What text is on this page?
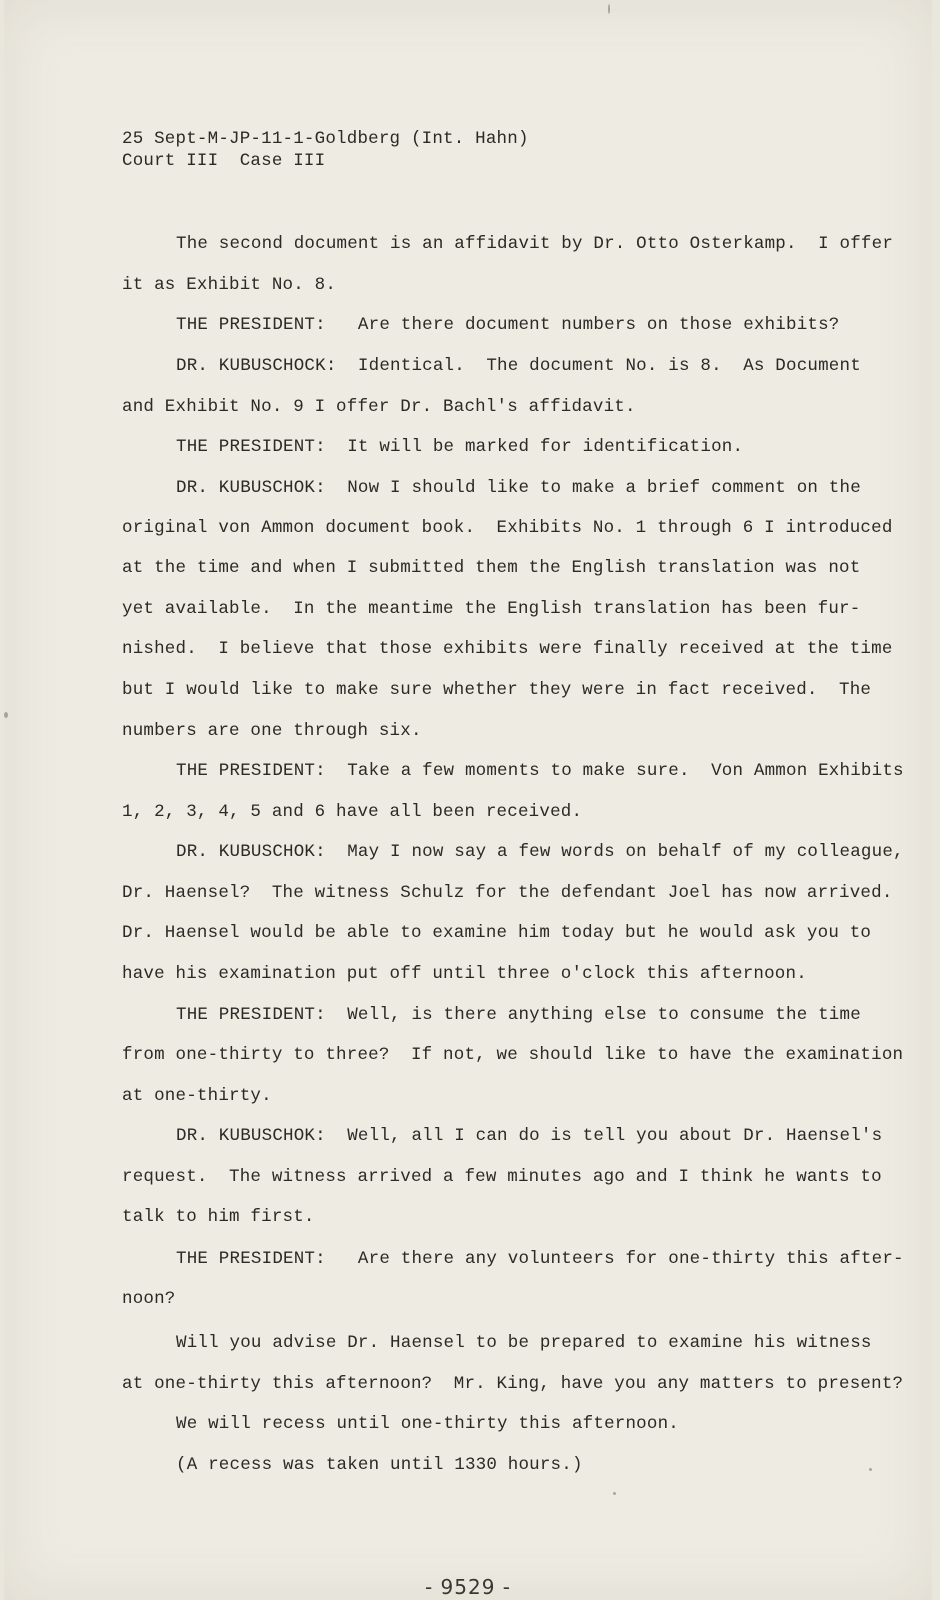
25 Sept-M-JP-11-1-Goldberg (Int. Hahn)

Court III  Case III

The second document is an affidavit by Dr. Otto Osterkamp.  I offer

it as Exhibit No. 8.

THE PRESIDENT:   Are there document numbers on those exhibits?

DR. KUBUSCHOCK:  Identical.  The document No. is 8.  As Document

and Exhibit No. 9 I offer Dr. Bachl's affidavit.

THE PRESIDENT:  It will be marked for identification.

DR. KUBUSCHOK:  Now I should like to make a brief comment on the

original von Ammon document book.  Exhibits No. 1 through 6 I introduced

at the time and when I submitted them the English translation was not

yet available.  In the meantime the English translation has been fur-

nished.  I believe that those exhibits were finally received at the time

but I would like to make sure whether they were in fact received.  The

numbers are one through six.

THE PRESIDENT:  Take a few moments to make sure.  Von Ammon Exhibits

1, 2, 3, 4, 5 and 6 have all been received.

DR. KUBUSCHOK:  May I now say a few words on behalf of my colleague,

Dr. Haensel?  The witness Schulz for the defendant Joel has now arrived.

Dr. Haensel would be able to examine him today but he would ask you to

have his examination put off until three o'clock this afternoon.

THE PRESIDENT:  Well, is there anything else to consume the time

from one-thirty to three?  If not, we should like to have the examination

at one-thirty.

DR. KUBUSCHOK:  Well, all I can do is tell you about Dr. Haensel's

request.  The witness arrived a few minutes ago and I think he wants to

talk to him first.

THE PRESIDENT:   Are there any volunteers for one-thirty this after-

noon?

Will you advise Dr. Haensel to be prepared to examine his witness

at one-thirty this afternoon?  Mr. King, have you any matters to present?

We will recess until one-thirty this afternoon.

(A recess was taken until 1330 hours.)

- 9529 -
